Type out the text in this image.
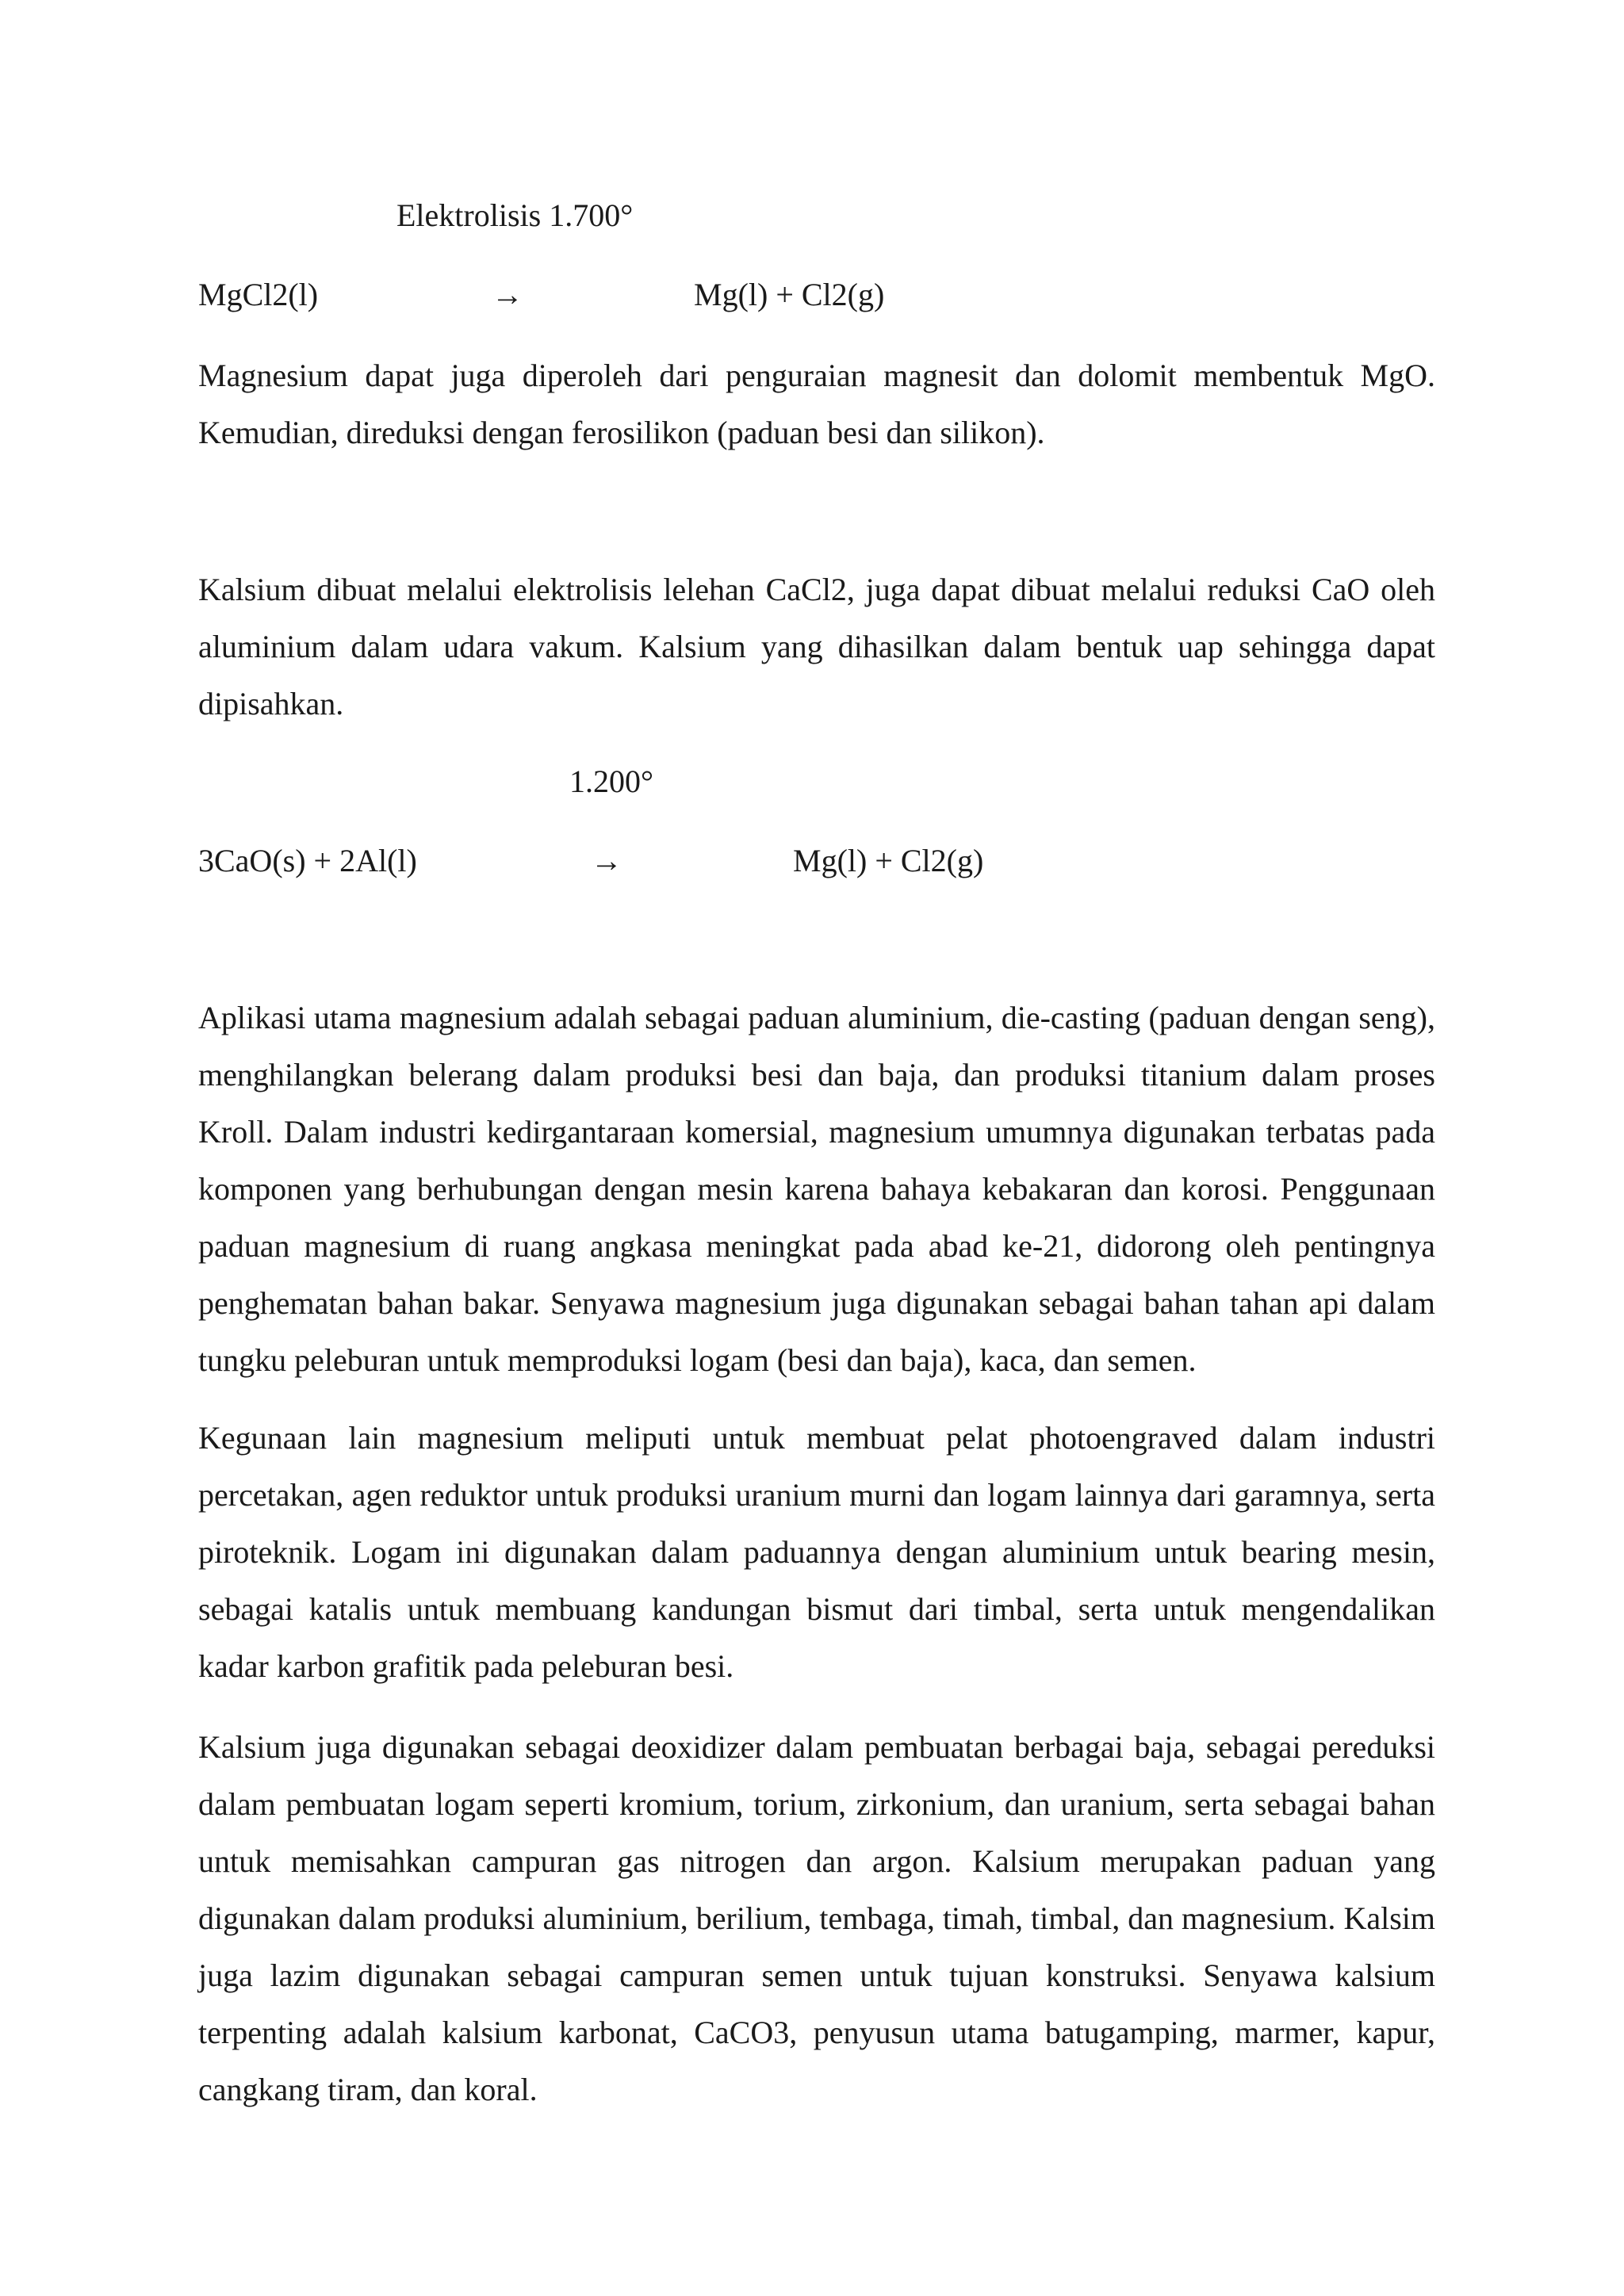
Elektrolisis 1.700°
MgCl2(l)	→	Mg(l) + Cl2(g)
Magnesium dapat juga diperoleh dari penguraian magnesit dan dolomit membentuk MgO. Kemudian, direduksi dengan ferosilikon (paduan besi dan silikon).
Kalsium dibuat melalui elektrolisis lelehan CaCl2, juga dapat dibuat melalui reduksi CaO oleh aluminium dalam udara vakum. Kalsium yang dihasilkan dalam bentuk uap sehingga dapat dipisahkan.
1.200°
3CaO(s) + 2Al(l)	→	Mg(l) + Cl2(g)
Aplikasi utama magnesium adalah sebagai paduan aluminium, die-casting (paduan dengan seng), menghilangkan belerang dalam produksi besi dan baja, dan produksi titanium dalam proses Kroll. Dalam industri kedirgantaraan komersial, magnesium umumnya digunakan terbatas pada komponen yang berhubungan dengan mesin karena bahaya kebakaran dan korosi. Penggunaan paduan magnesium di ruang angkasa meningkat pada abad ke-21, didorong oleh pentingnya penghematan bahan bakar. Senyawa magnesium juga digunakan sebagai bahan tahan api dalam tungku peleburan untuk memproduksi logam (besi dan baja), kaca, dan semen.
Kegunaan lain magnesium meliputi untuk membuat pelat photoengraved dalam industri percetakan, agen reduktor untuk produksi uranium murni dan logam lainnya dari garamnya, serta piroteknik. Logam ini digunakan dalam paduannya dengan aluminium untuk bearing mesin, sebagai katalis untuk membuang kandungan bismut dari timbal, serta untuk mengendalikan kadar karbon grafitik pada peleburan besi.
Kalsium juga digunakan sebagai deoxidizer dalam pembuatan berbagai baja, sebagai pereduksi dalam pembuatan logam seperti kromium, torium, zirkonium, dan uranium, serta sebagai bahan untuk memisahkan campuran gas nitrogen dan argon. Kalsium merupakan paduan yang digunakan dalam produksi aluminium, berilium, tembaga, timah, timbal, dan magnesium. Kalsim juga lazim digunakan sebagai campuran semen untuk tujuan konstruksi. Senyawa kalsium terpenting adalah kalsium karbonat, CaCO3, penyusun utama batugamping, marmer, kapur, cangkang tiram, dan koral.
